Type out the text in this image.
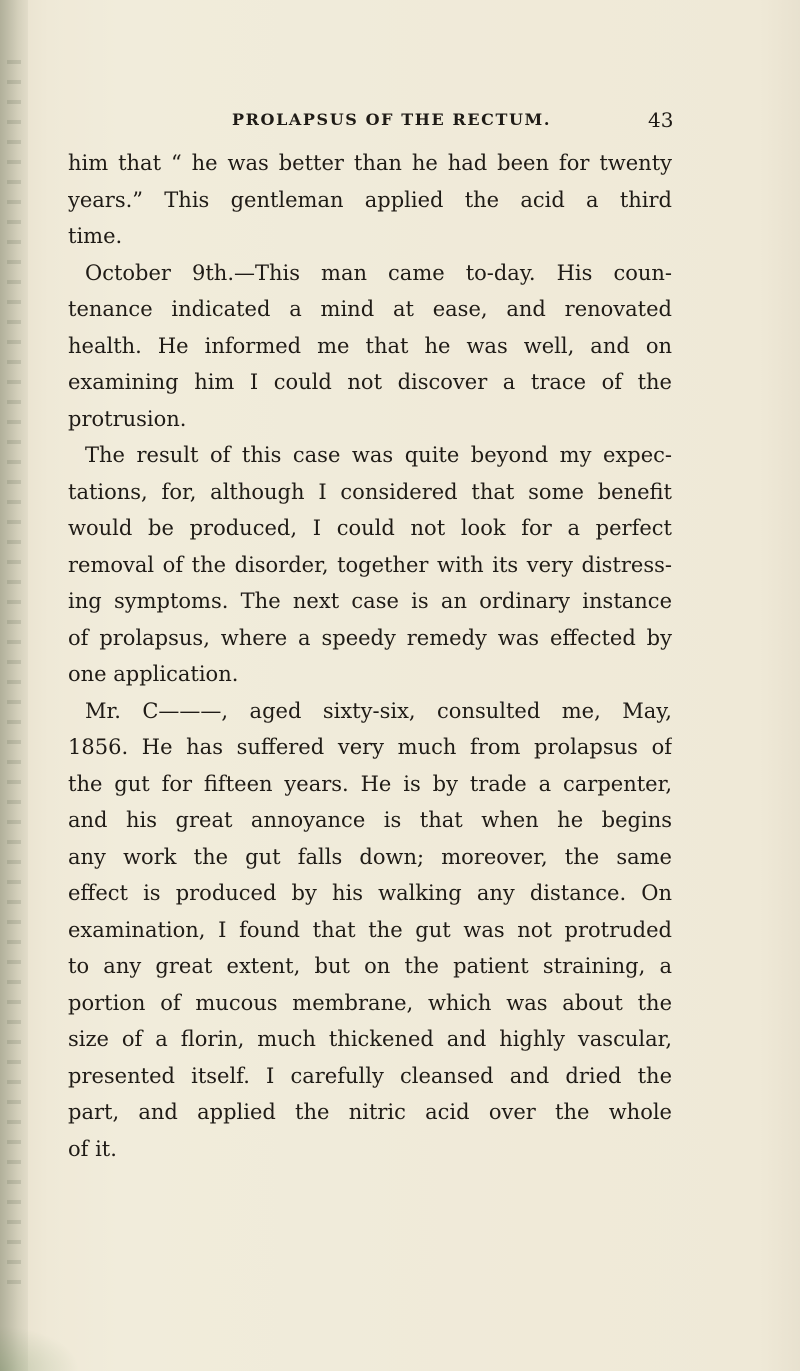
PROLAPSUS OF THE RECTUM.	43
him that “ he was better than he had been for twenty
years.” This gentleman applied the acid a third
time.
October 9th.—This man came to-day. His coun-
tenance indicated a mind at ease, and renovated
health. He informed me that he was well, and on
examining him I could not discover a trace of the
protrusion.
The result of this case was quite beyond my expec-
tations, for, although I considered that some benefit
would be produced, I could not look for a perfect
removal of the disorder, together with its very distress-
ing symptoms. The next case is an ordinary instance
of prolapsus, where a speedy remedy was effected by
one application.
Mr. C———, aged sixty-six, consulted me, May,
1856. He has suffered very much from prolapsus of
the gut for fifteen years. He is by trade a carpenter,
and his great annoyance is that when he begins
any work the gut falls down; moreover, the same
effect is produced by his walking any distance. On
examination, I found that the gut was not protruded
to any great extent, but on the patient straining, a
portion of mucous membrane, which was about the
size of a florin, much thickened and highly vascular,
presented itself. I carefully cleansed and dried the
part, and applied the nitric acid over the whole
of it.
